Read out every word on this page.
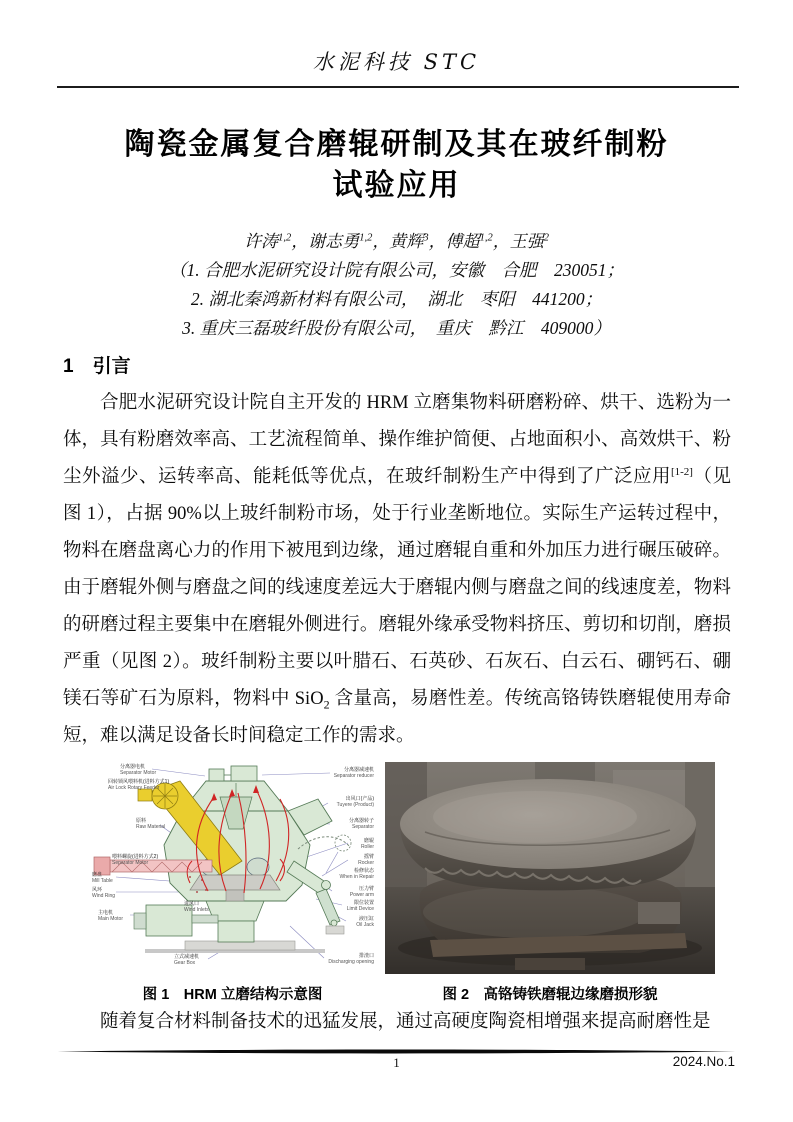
水泥科技 STC
陶瓷金属复合磨辊研制及其在玻纤制粉
试验应用
许涛$^{1,2}$，谢志勇$^{1,2}$，黄辉$^3$，傅超$^{1,2}$，王强$^2$
（1. 合肥水泥研究设计院有限公司，安徽　合肥　230051；
2. 湖北秦鸿新材料有限公司，　湖北　枣阳　441200；
3. 重庆三磊玻纤股份有限公司，　重庆　黔江　409000）
1　引言

合肥水泥研究设计院自主开发的 HRM 立磨集物料研磨粉碎、烘干、选粉为一体，具有粉磨效率高、工艺流程简单、操作维护简便、占地面积小、高效烘干、粉尘外溢少、运转率高、能耗低等优点，在玻纤制粉生产中得到了广泛应用[1-2]（见图 1），占据 90%以上玻纤制粉市场，处于行业垄断地位。实际生产运转过程中，物料在磨盘离心力的作用下被甩到边缘，通过磨辊自重和外加压力进行碾压破碎。由于磨辊外侧与磨盘之间的线速度差远大于磨辊内侧与磨盘之间的线速度差，物料的研磨过程主要集中在磨辊外侧进行。磨辊外缘承受物料挤压、剪切和切削，磨损严重（见图 2）。玻纤制粉主要以叶腊石、石英砂、石灰石、白云石、硼钙石、硼镁石等矿石为原料，物料中 SiO$_2$ 含量高，易磨性差。传统高铬铸铁磨辊使用寿命短，难以满足设备长时间稳定工作的需求。

分离器电机
Separator Motor
回转锁风喂料机(进料方式1)
Air Lock Rotary Feeder
原料
Raw Material
喂料螺旋(进料方式2)
Separator Motor
磨盘
Mill Table
风环
Wind Ring
主电机
Main Motor
进风口
Wind Inlets
立式减速机
Gear Box
分离器减速机
Separator reducer
出风口(产品)
Tuyere (Product)
分离器转子
Separator
磨辊
Roller
摇臂
Rocker
检修状态
When in Repair
压力臂
Power arm
限位装置
Limit Device
液压缸
Oil Jack
排渣口
Discharging opening
图 1　HRM 立磨结构示意图	图 2　高铬铸铁磨辊边缘磨损形貌

随着复合材料制备技术的迅猛发展，通过高硬度陶瓷相增强来提高耐磨性是

1	2024.No.1
